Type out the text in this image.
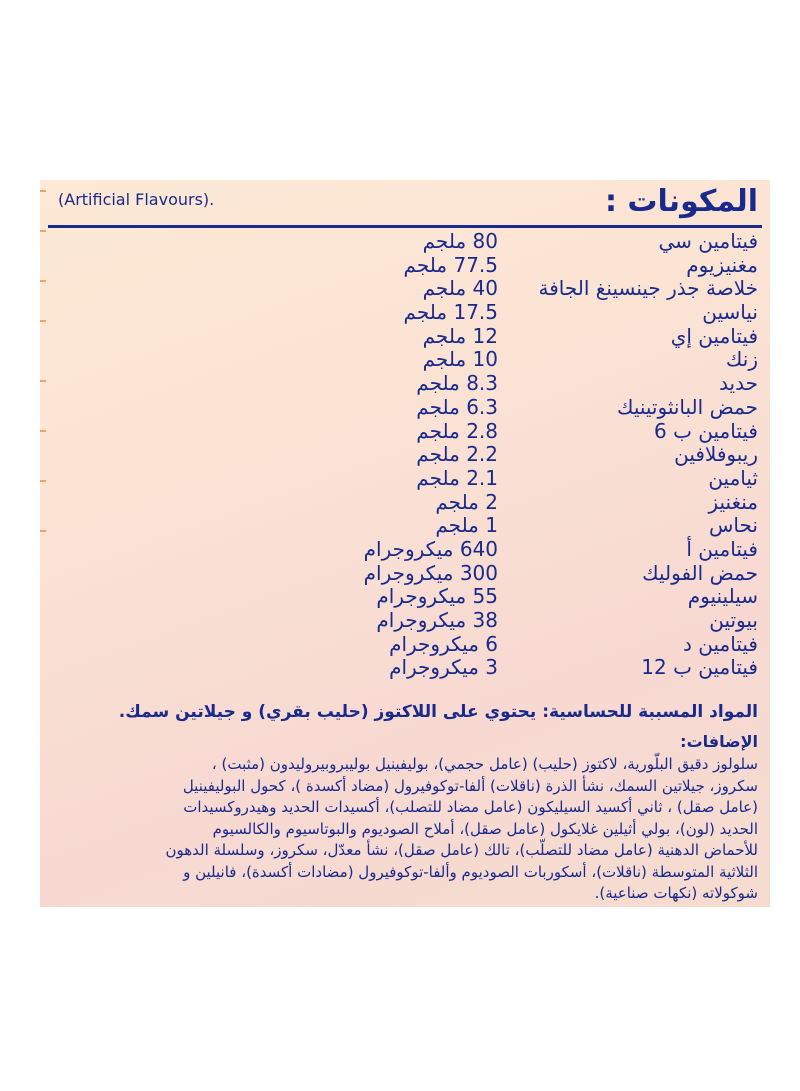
المكونات :
(Artificial Flavours).
فيتامين سي
80 ملجم
مغنيزيوم
77.5 ملجم
خلاصة جذر جينسينغ الجافة
40 ملجم
نياسين
17.5 ملجم
فيتامين إي
12 ملجم
زنك
10 ملجم
حديد
8.3 ملجم
حمض البانثوتينيك
6.3 ملجم
فيتامين ب 6
2.8 ملجم
ريبوفلافين
2.2 ملجم
ثيامين
2.1 ملجم
منغنيز
2 ملجم
نحاس
1 ملجم
فيتامين أ
640 ميكروجرام
حمض الفوليك
300 ميكروجرام
سيلينيوم
55 ميكروجرام
بيوتين
38 ميكروجرام
فيتامين د
6 ميكروجرام
فيتامين ب 12
3 ميكروجرام
المواد المسببة للحساسية: يحتوي على اللاكتوز (حليب بقري) و جيلاتين سمك.
الإضافات:
سلولوز دقيق البلّورية، لاكتوز (حليب) (عامل حجمي)، بوليفينيل بوليبروبيروليدون (مثبت) ،
سكروز، جيلاتين السمك، نشأ الذرة (ناقلات) ألفا-توكوفيرول (مضاد أكسدة )، كحول البوليفينيل
(عامل صقل) ، ثاني أكسيد السيليكون (عامل مضاد للتصلب)، أكسيدات الحديد وهيدروكسيدات
الحديد (لون)، بولي أثيلين غلايكول (عامل صقل)، أملاح الصوديوم والبوتاسيوم والكالسيوم
للأحماض الدهنية (عامل مضاد للتصلّب)، تالك (عامل صقل)، نشأ معدّل، سكروز، وسلسلة الدهون
الثلاثية المتوسطة (ناقلات)، أسكوربات الصوديوم وألفا-توكوفيرول (مضادات أكسدة)، فانيلين و
شوكولاته (نكهات صناعية).
